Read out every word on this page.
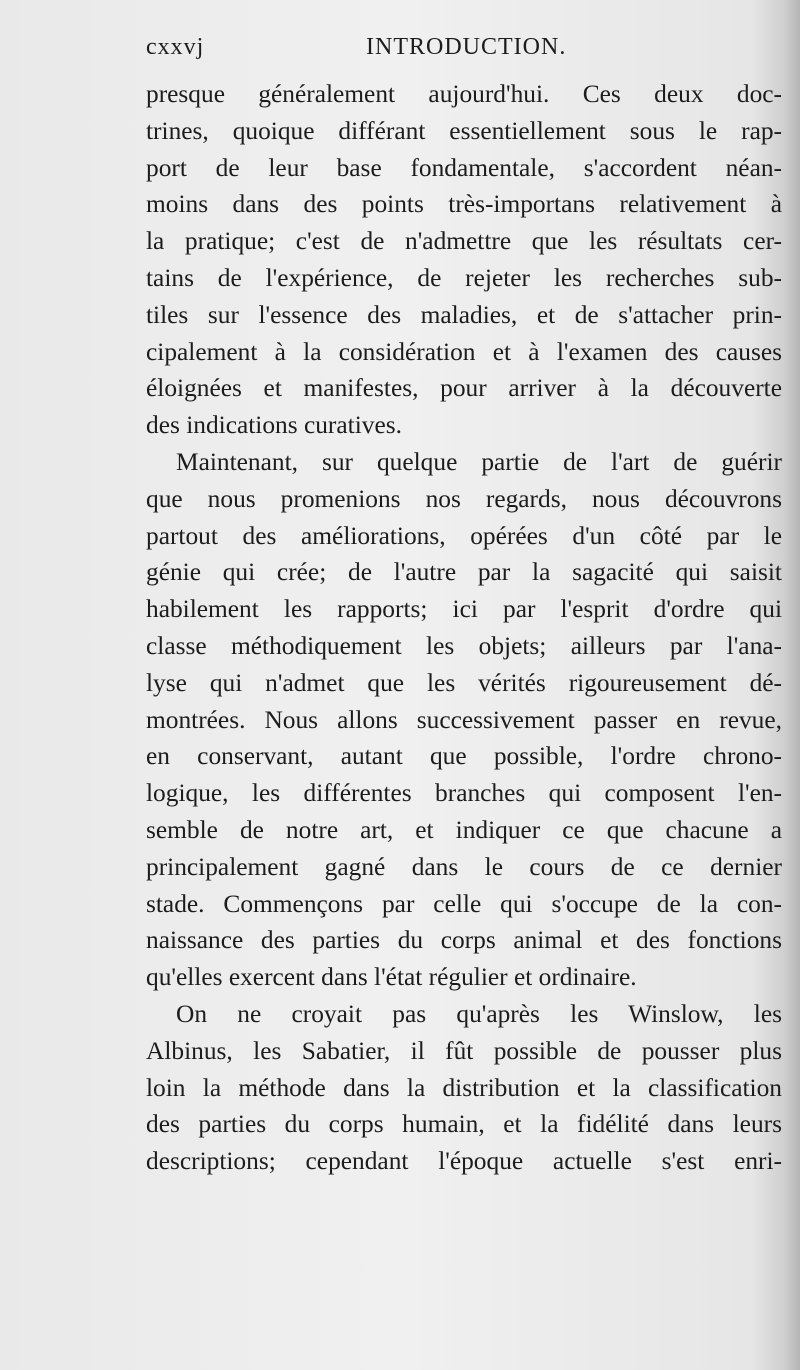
cxxvj	INTRODUCTION.
presque généralement aujourd'hui. Ces deux doc-
trines, quoique différant essentiellement sous le rap-
port de leur base fondamentale, s'accordent néan-
moins dans des points très-importans relativement à
la pratique; c'est de n'admettre que les résultats cer-
tains de l'expérience, de rejeter les recherches sub-
tiles sur l'essence des maladies, et de s'attacher prin-
cipalement à la considération et à l'examen des causes
éloignées et manifestes, pour arriver à la découverte
des indications curatives.
Maintenant, sur quelque partie de l'art de guérir
que nous promenions nos regards, nous découvrons
partout des améliorations, opérées d'un côté par le
génie qui crée; de l'autre par la sagacité qui saisit
habilement les rapports; ici par l'esprit d'ordre qui
classe méthodiquement les objets; ailleurs par l'ana-
lyse qui n'admet que les vérités rigoureusement dé-
montrées. Nous allons successivement passer en revue,
en conservant, autant que possible, l'ordre chrono-
logique, les différentes branches qui composent l'en-
semble de notre art, et indiquer ce que chacune a
principalement gagné dans le cours de ce dernier
stade. Commençons par celle qui s'occupe de la con-
naissance des parties du corps animal et des fonctions
qu'elles exercent dans l'état régulier et ordinaire.
On ne croyait pas qu'après les Winslow, les
Albinus, les Sabatier, il fût possible de pousser plus
loin la méthode dans la distribution et la classification
des parties du corps humain, et la fidélité dans leurs
descriptions; cependant l'époque actuelle s'est enri-
